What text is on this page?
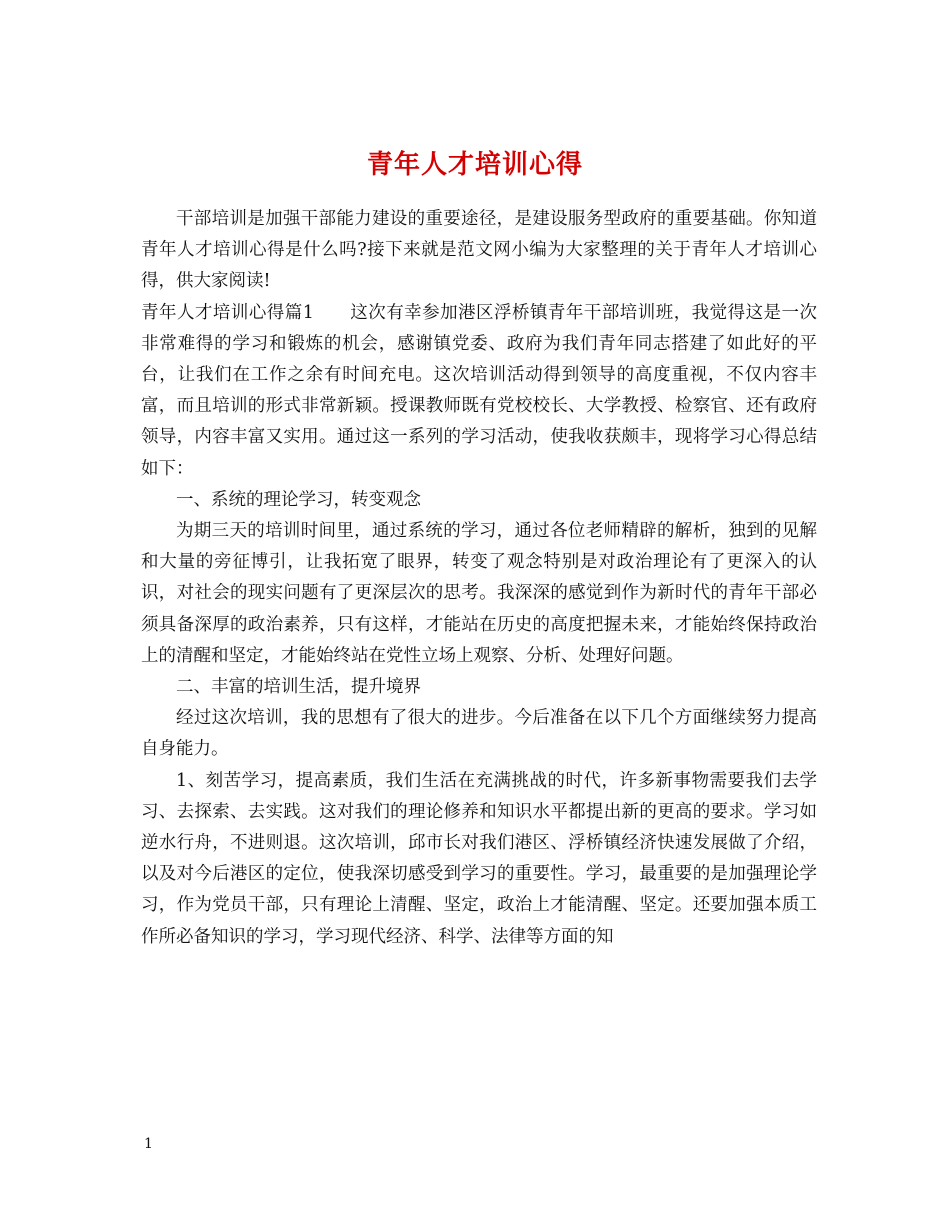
青年人才培训心得

干部培训是加强干部能力建设的重要途径，是建设服务型政府的重要基础。你知道青年人才培训心得是什么吗?接下来就是范文网小编为大家整理的关于青年人才培训心得，供大家阅读!

青年人才培训心得篇1　　这次有幸参加港区浮桥镇青年干部培训班，我觉得这是一次非常难得的学习和锻炼的机会，感谢镇党委、政府为我们青年同志搭建了如此好的平台，让我们在工作之余有时间充电。这次培训活动得到领导的高度重视，不仅内容丰富，而且培训的形式非常新颖。授课教师既有党校校长、大学教授、检察官、还有政府领导，内容丰富又实用。通过这一系列的学习活动，使我收获颇丰，现将学习心得总结如下：

一、系统的理论学习，转变观念

为期三天的培训时间里，通过系统的学习，通过各位老师精辟的解析，独到的见解和大量的旁征博引，让我拓宽了眼界，转变了观念特别是对政治理论有了更深入的认识，对社会的现实问题有了更深层次的思考。我深深的感觉到作为新时代的青年干部必须具备深厚的政治素养，只有这样，才能站在历史的高度把握未来，才能始终保持政治上的清醒和坚定，才能始终站在党性立场上观察、分析、处理好问题。

二、丰富的培训生活，提升境界

经过这次培训，我的思想有了很大的进步。今后准备在以下几个方面继续努力提高自身能力。

1、刻苦学习，提高素质，我们生活在充满挑战的时代，许多新事物需要我们去学习、去探索、去实践。这对我们的理论修养和知识水平都提出新的更高的要求。学习如逆水行舟，不进则退。这次培训，邱市长对我们港区、浮桥镇经济快速发展做了介绍，以及对今后港区的定位，使我深切感受到学习的重要性。学习，最重要的是加强理论学习，作为党员干部，只有理论上清醒、坚定，政治上才能清醒、坚定。还要加强本质工作所必备知识的学习，学习现代经济、科学、法律等方面的知

1
